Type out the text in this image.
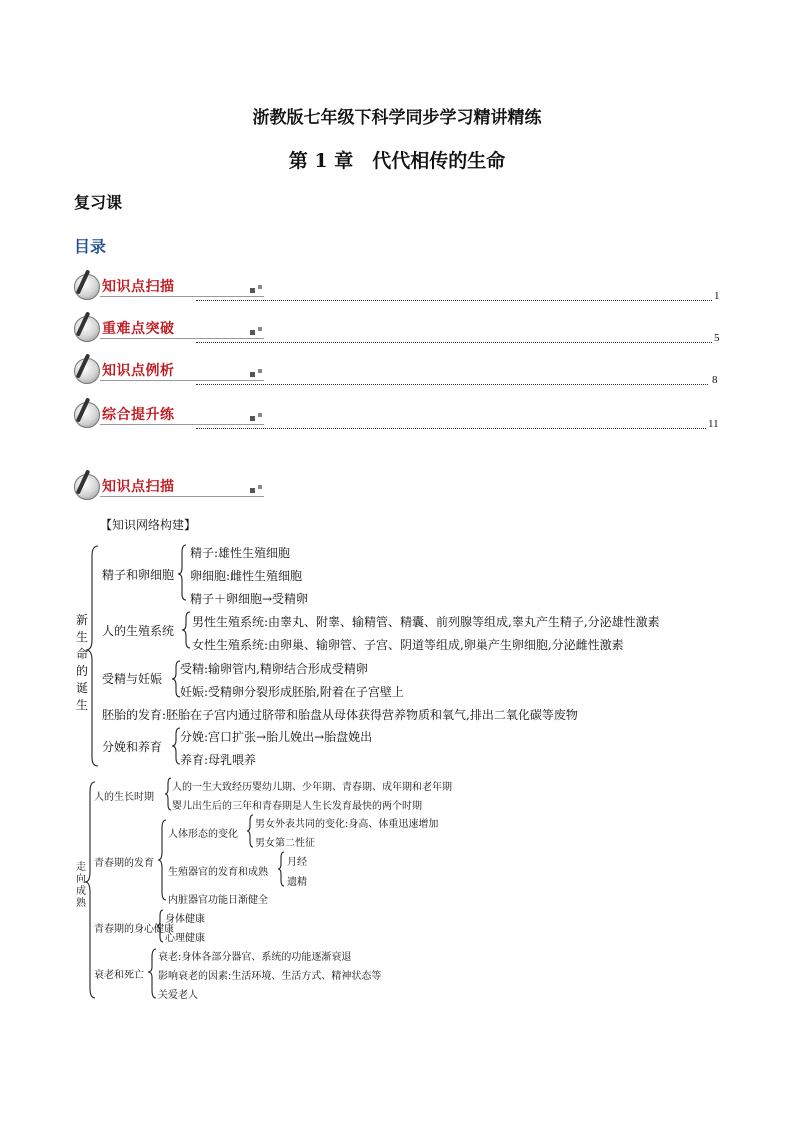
浙教版七年级下科学同步学习精讲精练
第 1 章　代代相传的生命
复习课
目录
知识点扫描
1
重难点突破
5
知识点例析
8
综合提升练
11
知识点扫描
【知识网络构建】
新生命的诞生
精子和卵细胞
精子:雄性生殖细胞
卵细胞:雌性生殖细胞
精子＋卵细胞→受精卵
人的生殖系统
男性生殖系统:由睾丸、附睾、输精管、精囊、前列腺等组成,睾丸产生精子,分泌雄性激素
女性生殖系统:由卵巢、输卵管、子宫、阴道等组成,卵巢产生卵细胞,分泌雌性激素
受精与妊娠
受精:输卵管内,精卵结合形成受精卵
妊娠:受精卵分裂形成胚胎,附着在子宫壁上
胚胎的发育:胚胎在子宫内通过脐带和胎盘从母体获得营养物质和氧气,排出二氧化碳等废物
分娩和养育
分娩:宫口扩张→胎儿娩出→胎盘娩出
养育:母乳喂养
走向成熟
人的生长时期
人的一生大致经历婴幼儿期、少年期、青春期、成年期和老年期
婴儿出生后的三年和青春期是人生长发育最快的两个时期
青春期的发育
人体形态的变化
男女外表共同的变化:身高、体重迅速增加
男女第二性征
生殖器官的发育和成熟
月经
遗精
内脏器官功能日渐健全
青春期的身心健康
身体健康
心理健康
衰老和死亡
衰老:身体各部分器官、系统的功能逐渐衰退
影响衰老的因素:生活环境、生活方式、精神状态等
关爱老人
